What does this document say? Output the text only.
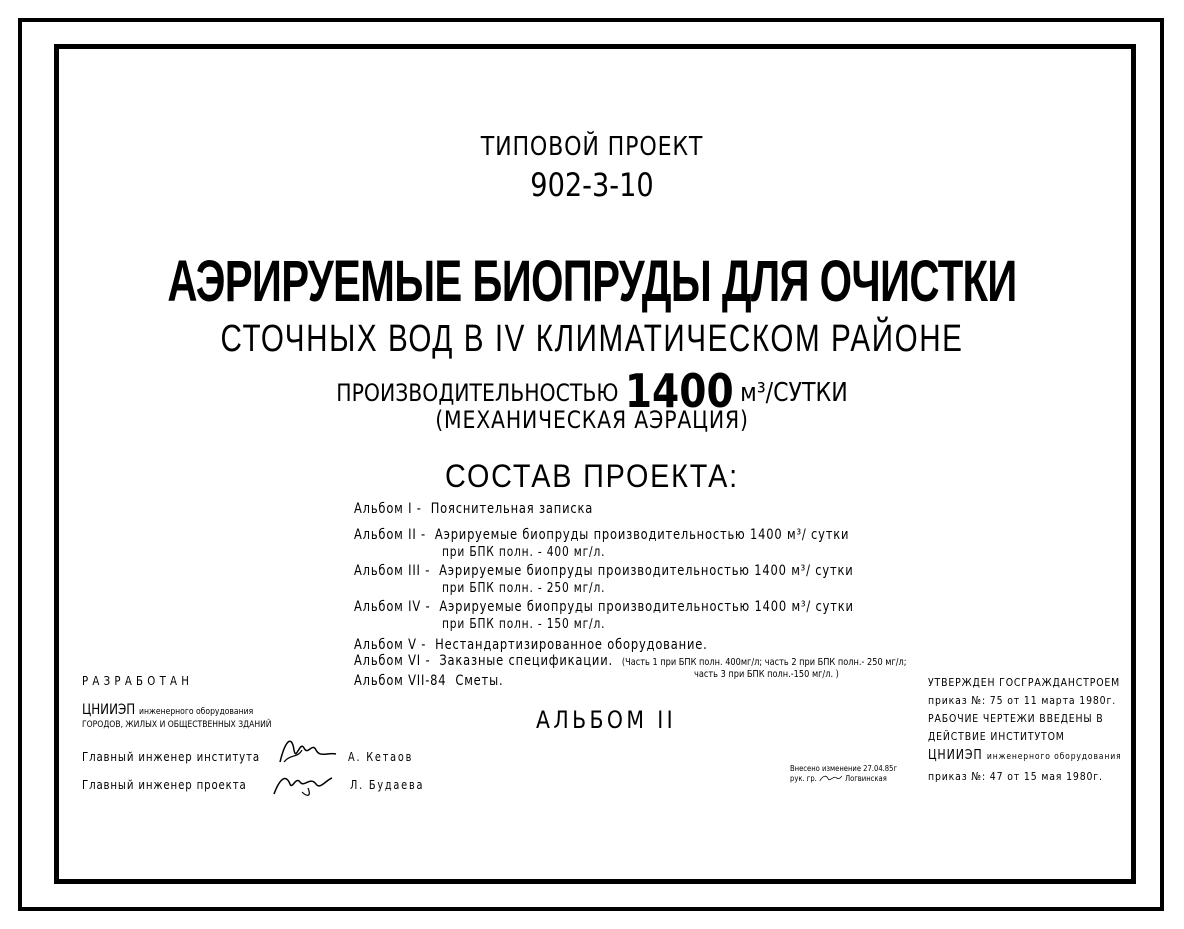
ТИПОВОЙ ПРОЕКТ
902-3-10
АЭРИРУЕМЫЕ БИОПРУДЫ ДЛЯ ОЧИСТКИ
СТОЧНЫХ ВОД В IV КЛИМАТИЧЕСКОМ РАЙОНЕ
ПРОИЗВОДИТЕЛЬНОСТЬЮ 1400 м³/СУТКИ
(МЕХАНИЧЕСКАЯ АЭРАЦИЯ)
СОСТАВ ПРОЕКТА:
Альбом I - Пояснительная записка
Альбом II - Аэрируемые биопруды производительностью 1400 м³/ сутки
при БПК полн. - 400 мг/л.
Альбом III - Аэрируемые биопруды производительностью 1400 м³/ сутки
при БПК полн. - 250 мг/л.
Альбом IV - Аэрируемые биопруды производительностью 1400 м³/ сутки
при БПК полн. - 150 мг/л.
Альбом V - Нестандартизированное оборудование.
Альбом VI - Заказные спецификации. (Часть 1 при БПК полн. 400мг/л; часть 2 при БПК полн.- 250 мг/л;
часть 3 при БПК полн.-150 мг/л. )
Альбом VII-84 Сметы.
РАЗРАБОТАН
ЦНИИЭП инженерного оборудования
ГОРОДОВ, ЖИЛЫХ И ОБЩЕСТВЕННЫХ ЗДАНИЙ
Главный инженер института
Главный инженер проекта
А. Кетаов
Л. Будаева
АЛЬБОМ II
Внесено изменение 27.04.85г
рук. гр.	Логвинская
УТВЕРЖДЕН ГОСГРАЖДАНСТРОЕМ
приказ №: 75 от 11 марта 1980г.
РАБОЧИЕ ЧЕРТЕЖИ ВВЕДЕНЫ В
ДЕЙСТВИЕ ИНСТИТУТОМ
ЦНИИЭП инженерного оборудования
приказ №: 47 от 15 мая 1980г.
